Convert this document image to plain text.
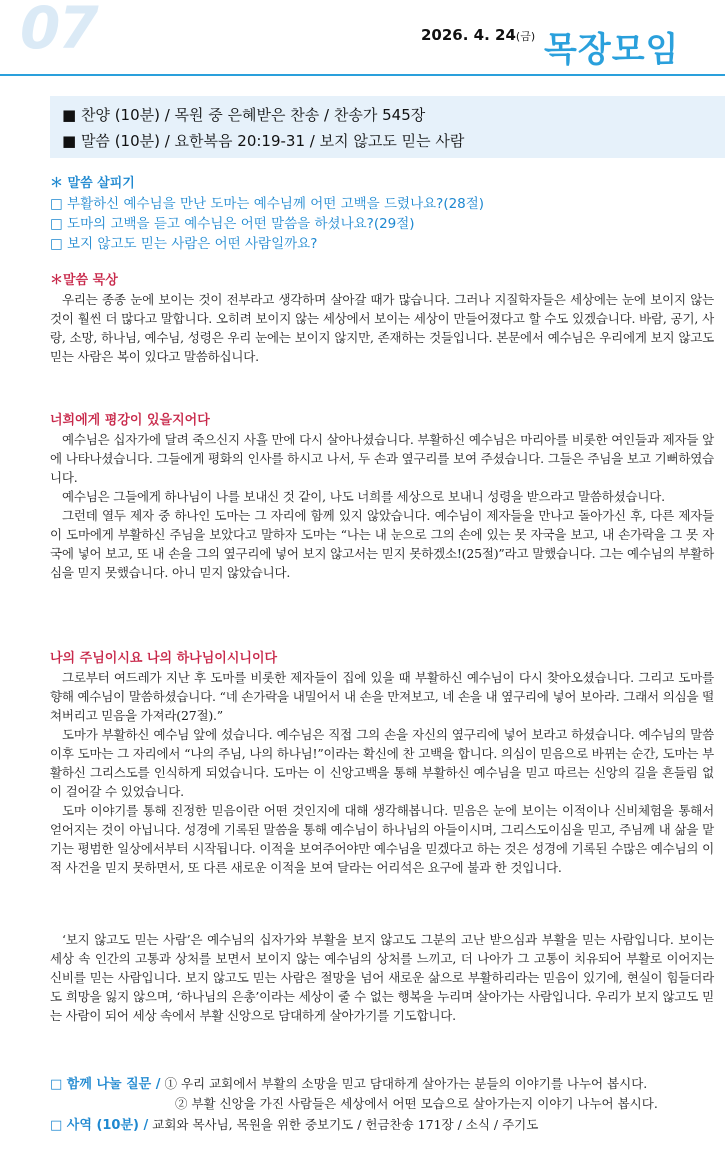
07	2026. 4. 24(금) 목장모임
■ 찬양 (10분) / 목원 중 은혜받은 찬송 / 찬송가 545장
■ 말씀 (10분) / 요한복음 20:19-31 / 보지 않고도 믿는 사람
＊ 말씀 살피기
□ 부활하신 예수님을 만난 도마는 예수님께 어떤 고백을 드렸나요?(28절)
□ 도마의 고백을 듣고 예수님은 어떤 말씀을 하셨나요?(29절)
□ 보지 않고도 믿는 사람은 어떤 사람일까요?
＊말씀 묵상

우리는 종종 눈에 보이는 것이 전부라고 생각하며 살아갈 때가 많습니다. 그러나 지질학자들은 세상에는 눈에 보이지 않는 것이 훨씬 더 많다고 말합니다. 오히려 보이지 않는 세상에서 보이는 세상이 만들어졌다고 할 수도 있겠습니다. 바람, 공기, 사랑, 소망, 하나님, 예수님, 성령은 우리 눈에는 보이지 않지만, 존재하는 것들입니다. 본문에서 예수님은 우리에게 보지 않고도 믿는 사람은 복이 있다고 말씀하십니다.

너희에게 평강이 있을지어다

예수님은 십자가에 달려 죽으신지 사흘 만에 다시 살아나셨습니다. 부활하신 예수님은 마리아를 비롯한 여인들과 제자들 앞에 나타나셨습니다. 그들에게 평화의 인사를 하시고 나서, 두 손과 옆구리를 보여 주셨습니다. 그들은 주님을 보고 기뻐하였습니다.

예수님은 그들에게 하나님이 나를 보내신 것 같이, 나도 너희를 세상으로 보내니 성령을 받으라고 말씀하셨습니다.

그런데 열두 제자 중 하나인 도마는 그 자리에 함께 있지 않았습니다. 예수님이 제자들을 만나고 돌아가신 후, 다른 제자들이 도마에게 부활하신 주님을 보았다고 말하자 도마는 “나는 내 눈으로 그의 손에 있는 못 자국을 보고, 내 손가락을 그 못 자국에 넣어 보고, 또 내 손을 그의 옆구리에 넣어 보지 않고서는 믿지 못하겠소!(25절)”라고 말했습니다. 그는 예수님의 부활하심을 믿지 못했습니다. 아니 믿지 않았습니다.

나의 주님이시요 나의 하나님이시니이다

그로부터 여드레가 지난 후 도마를 비롯한 제자들이 집에 있을 때 부활하신 예수님이 다시 찾아오셨습니다. 그리고 도마를 향해 예수님이 말씀하셨습니다. “네 손가락을 내밀어서 내 손을 만져보고, 네 손을 내 옆구리에 넣어 보아라. 그래서 의심을 떨쳐버리고 믿음을 가져라(27절).”

도마가 부활하신 예수님 앞에 섰습니다. 예수님은 직접 그의 손을 자신의 옆구리에 넣어 보라고 하셨습니다. 예수님의 말씀 이후 도마는 그 자리에서 “나의 주님, 나의 하나님!”이라는 확신에 찬 고백을 합니다. 의심이 믿음으로 바뀌는 순간, 도마는 부활하신 그리스도를 인식하게 되었습니다. 도마는 이 신앙고백을 통해 부활하신 예수님을 믿고 따르는 신앙의 길을 흔들림 없이 걸어갈 수 있었습니다.

도마 이야기를 통해 진정한 믿음이란 어떤 것인지에 대해 생각해봅니다. 믿음은 눈에 보이는 이적이나 신비체험을 통해서 얻어지는 것이 아닙니다. 성경에 기록된 말씀을 통해 예수님이 하나님의 아들이시며, 그리스도이심을 믿고, 주님께 내 삶을 맡기는 평범한 일상에서부터 시작됩니다. 이적을 보여주어야만 예수님을 믿겠다고 하는 것은 성경에 기록된 수많은 예수님의 이적 사건을 믿지 못하면서, 또 다른 새로운 이적을 보여 달라는 어리석은 요구에 불과 한 것입니다.

‘보지 않고도 믿는 사람’은 예수님의 십자가와 부활을 보지 않고도 그분의 고난 받으심과 부활을 믿는 사람입니다. 보이는 세상 속 인간의 고통과 상처를 보면서 보이지 않는 예수님의 상처를 느끼고, 더 나아가 그 고통이 치유되어 부활로 이어지는 신비를 믿는 사람입니다. 보지 않고도 믿는 사람은 절망을 넘어 새로운 삶으로 부활하리라는 믿음이 있기에, 현실이 힘들더라도 희망을 잃지 않으며, ‘하나님의 은총’이라는 세상이 줄 수 없는 행복을 누리며 살아가는 사람입니다. 우리가 보지 않고도 믿는 사람이 되어 세상 속에서 부활 신앙으로 담대하게 살아가기를 기도합니다.

□ 함께 나눌 질문 / ① 우리 교회에서 부활의 소망을 믿고 담대하게 살아가는 분들의 이야기를 나누어 봅시다.
② 부활 신앙을 가진 사람들은 세상에서 어떤 모습으로 살아가는지 이야기 나누어 봅시다.
□ 사역 (10분) / 교회와 목사님, 목원을 위한 중보기도 / 헌금찬송 171장 / 소식 / 주기도
